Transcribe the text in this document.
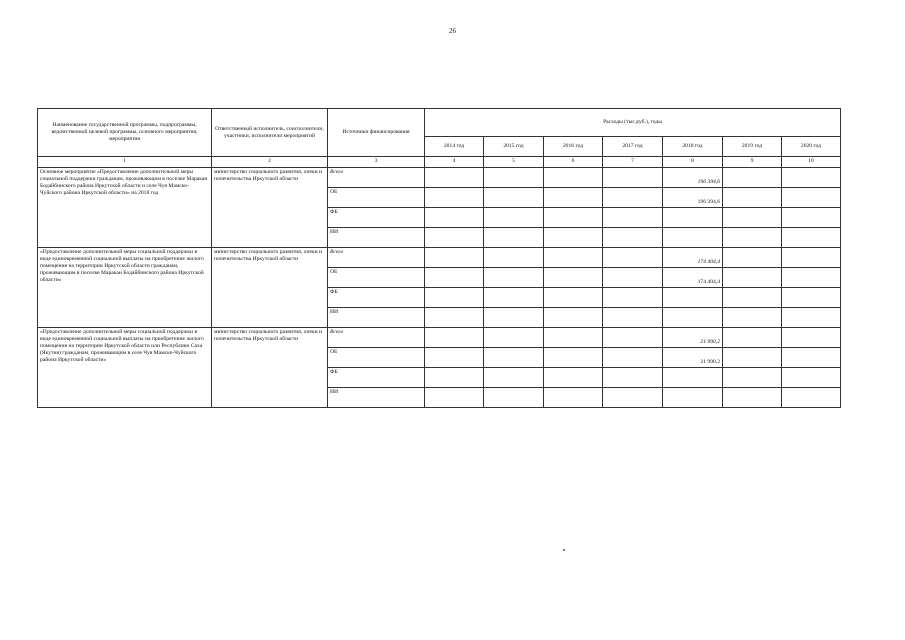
26
Наименование государственной программы, подпрограммы, ведомственной целевой программы, основного мероприятия, мероприятия	Ответственный исполнитель, соисполнители, участники, исполнители мероприятий	Источники финансирования	Расходы (тыс.руб.), годы						
			2014 год	2015 год	2016 год	2017 год	2018 год	2019 год	2020 год
1	2	3	4	5	6	7	8	9	10
Основное мероприятие «Предоставление дополнительной меры социальной поддержки гражданам, проживающим в поселке Маракан Бодайбинского района Иркутской области и селе Чуя Мамско-Чуйского района Иркутской области» на 2018 год	министерство социального развития, опеки и попечительства Иркутской области	Всего					196 394,6		
		ОБ					196 394,6		
		ФБ							
		ИИ							
«Предоставление дополнительной меры социальной поддержки в виде единовременной социальной выплаты на приобретение жилого помещения на территории Иркутской области гражданам, проживающим в поселке Маракан Бодайбинского района Иркутской области»	министерство социального развития, опеки и попечительства Иркутской области	Всего					174 404,4		
		ОБ					174 404,4		
		ФБ							
		ИИ							
«Предоставление дополнительной меры социальной поддержки в виде единовременной социальной выплаты на приобретение жилого помещения на территории Иркутской области или Республики Саха (Якутия) гражданам, проживающим в селе Чуя Мамско-Чуйского района Иркутской области»	министерство социального развития, опеки и попечительства Иркутской области	Всего					21 990,2		
		ОБ					21 990,2		
		ФБ							
		ИИ							
